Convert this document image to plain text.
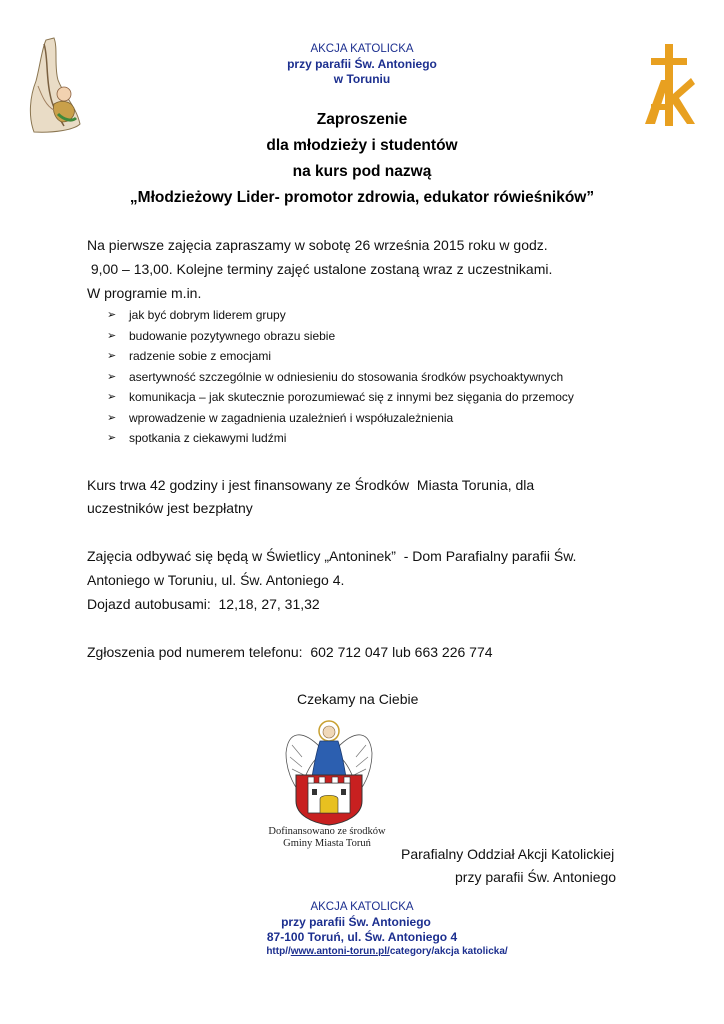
AKCJA KATOLICKA
przy parafii Św. Antoniego
w Toruniu
Zaproszenie
dla młodzieży i studentów
na kurs pod nazwą
„Młodzieżowy Lider- promotor zdrowia, edukator rówieśników”
Na pierwsze zajęcia zapraszamy w sobotę 26 września 2015 roku w godz.
9,00 – 13,00. Kolejne terminy zajęć ustalone zostaną wraz z uczestnikami.
W programie m.in.
➢ jak być dobrym liderem grupy
➢ budowanie pozytywnego obrazu siebie
➢ radzenie sobie z emocjami
➢ asertywność szczególnie w odniesieniu do stosowania środków psychoaktywnych
➢ komunikacja – jak skutecznie porozumiewać się z innymi bez sięgania do przemocy
➢ wprowadzenie w zagadnienia uzależnień i współuzależnienia
➢ spotkania z ciekawymi ludźmi
Kurs trwa 42 godziny i jest finansowany ze Środków  Miasta Torunia, dla
uczestników jest bezpłatny
Zajęcia odbywać się będą w Świetlicy „Antoninek”  - Dom Parafialny parafii Św.
Antoniego w Toruniu, ul. Św. Antoniego 4.
Dojazd autobusami:  12,18, 27, 31,32
Zgłoszenia pod numerem telefonu:  602 712 047 lub 663 226 774
Czekamy na Ciebie
Dofinansowano ze środków
Gminy Miasta Toruń
Parafialny Oddział Akcji Katolickiej
przy parafii Św. Antoniego
AKCJA KATOLICKA
przy parafii Św. Antoniego
87-100 Toruń, ul. Św. Antoniego 4
http//www.antoni-torun.pl/category/akcja katolicka/
